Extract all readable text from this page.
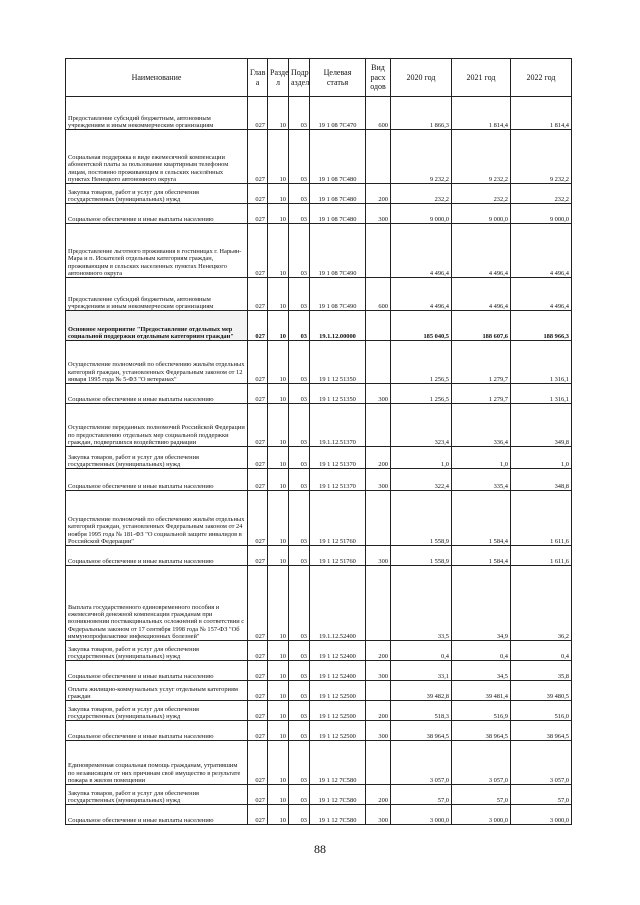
Наименование	Глав а	Разде л	Подр аздел	Целевая статья	Вид расх одов	2020 год	2021 год	2022 год
Предоставление субсидий бюджетным, автономным учреждениям и иным некоммерческим организациям	027	10	03	19 1 08 7С470	600	1 866,3	1 814,4	1 814,4
Социальная поддержка в виде ежемесячной компенсации абонентской платы за пользование квартирным телефоном лицам, постоянно проживающим в сельских населённых пунктах Ненецкого автономного округа	027	10	03	19 1 08 7С480		9 232,2	9 232,2	9 232,2
Закупка товаров, работ и услуг для обеспечения государственных (муниципальных) нужд	027	10	03	19 1 08 7С480	200	232,2	232,2	232,2
Социальное обеспечение и иные выплаты населению	027	10	03	19 1 08 7С480	300	9 000,0	9 000,0	9 000,0
Предоставление льготного проживания в гостиницах г. Нарьян-Мара и п. Искателей отдельным категориям граждан, проживающим в сельских населенных пунктах Ненецкого автономного округа	027	10	03	19 1 08 7С490		4 496,4	4 496,4	4 496,4
Предоставление субсидий бюджетным, автономным учреждениям и иным некоммерческим организациям	027	10	03	19 1 08 7С490	600	4 496,4	4 496,4	4 496,4
Основное мероприятие "Предоставление отдельных мер социальной поддержки отдельным категориям граждан"	027	10	03	19.1.12.00000		185 040,5	188 607,6	188 966,3
Осуществление полномочий по обеспечению жильём отдельных категорий граждан, установленных Федеральным законом от 12 января 1995 года № 5-ФЗ "О ветеранах"	027	10	03	19 1 12 51350		1 256,5	1 279,7	1 316,1
Социальное обеспечение и иные выплаты населению	027	10	03	19 1 12 51350	300	1 256,5	1 279,7	1 316,1
Осуществление переданных полномочий Российской Федерации по предоставлению отдельных мер социальной поддержки граждан, подвергшихся воздействию радиации	027	10	03	19.1.12.51370		323,4	336,4	349,8
Закупка товаров, работ и услуг для обеспечения государственных (муниципальных) нужд	027	10	03	19 1 12 51370	200	1,0	1,0	1,0
Социальное обеспечение и иные выплаты населению	027	10	03	19 1 12 51370	300	322,4	335,4	348,8
Осуществление полномочий по обеспечению жильём отдельных категорий граждан, установленных Федеральным законом от 24 ноября 1995 года № 181-ФЗ "О социальной защите инвалидов в Российской Федерации"	027	10	03	19 1 12 51760		1 558,9	1 584,4	1 611,6
Социальное обеспечение и иные выплаты населению	027	10	03	19 1 12 51760	300	1 558,9	1 584,4	1 611,6
Выплата государственного единовременного пособия и ежемесячной денежной компенсации гражданам при возникновении поствакцинальных осложнений в соответствии с Федеральным законом от 17 сентября 1998 года № 157-ФЗ "Об иммунопрофилактике инфекционных болезней"	027	10	03	19.1.12.52400		33,5	34,9	36,2
Закупка товаров, работ и услуг для обеспечения государственных (муниципальных) нужд	027	10	03	19 1 12 52400	200	0,4	0,4	0,4
Социальное обеспечение и иные выплаты населению	027	10	03	19 1 12 52400	300	33,1	34,5	35,8
Оплата жилищно-коммунальных услуг отдельным категориям граждан	027	10	03	19 1 12 52500		39 482,8	39 481,4	39 480,5
Закупка товаров, работ и услуг для обеспечения государственных (муниципальных) нужд	027	10	03	19 1 12 52500	200	518,3	516,9	516,0
Социальное обеспечение и иные выплаты населению	027	10	03	19 1 12 52500	300	38 964,5	38 964,5	38 964,5
Единовременная социальная помощь гражданам, утратившим по независящим от них причинам своё имущество в результате пожара в жилом помещении	027	10	03	19 1 12 7С580		3 057,0	3 057,0	3 057,0
Закупка товаров, работ и услуг для обеспечения государственных (муниципальных) нужд	027	10	03	19 1 12 7С580	200	57,0	57,0	57,0
Социальное обеспечение и иные выплаты населению	027	10	03	19 1 12 7С580	300	3 000,0	3 000,0	3 000,0
88
